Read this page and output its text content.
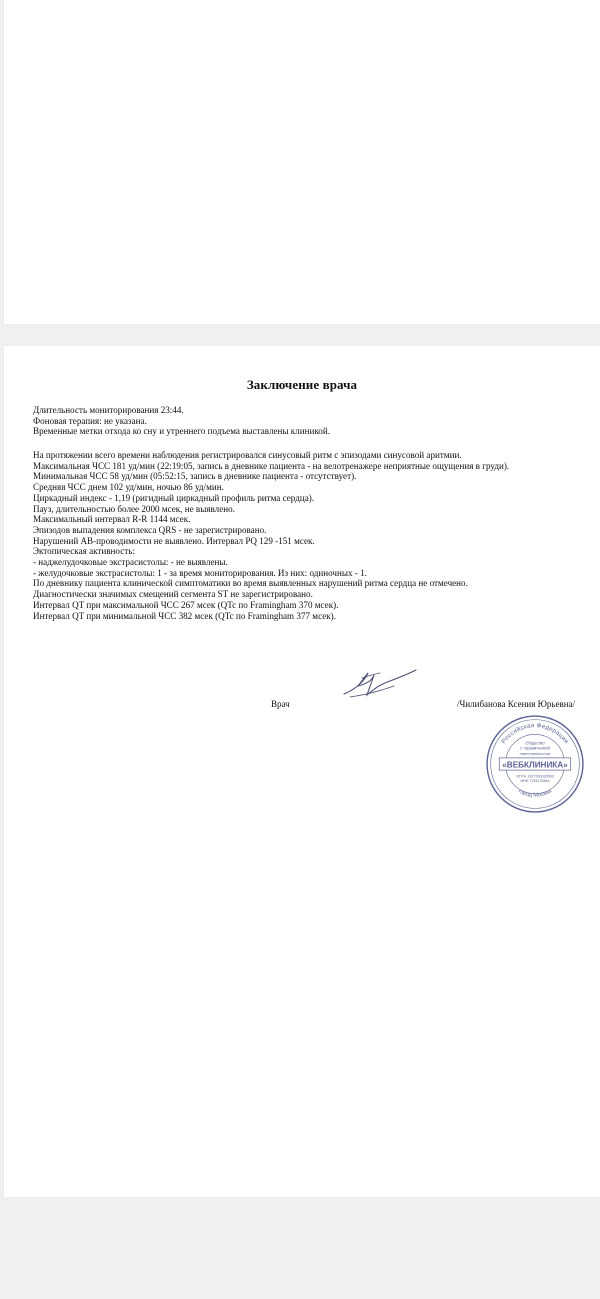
Заключение врача
Длительность мониторирования 23:44.
Фоновая терапия: не указана.
Временные метки отхода ко сну и утреннего подъема выставлены клиникой.
На протяжении всего времени наблюдения регистрировался синусовый ритм с эпизодами синусовой аритмии.
Максимальная ЧСС 181 уд/мин (22:19:05, запись в дневнике пациента - на велотренажере неприятные ощущения в груди).
Минимальная ЧСС 58 уд/мин (05:52:15, запись в дневнике пациента - отсутствует).
Средняя ЧСС днем 102 уд/мин, ночью 86 уд/мин.
Циркадный индекс - 1,19 (ригидный циркадный профиль ритма сердца).
Пауз, длительностью более 2000 мсек, не выявлено.
Максимальный интервал R-R 1144 мсек.
Эпизодов выпадения комплекса QRS - не зарегистрировано.
Нарушений АВ-проводимости не выявлено. Интервал PQ 129 -151 мсек.
Эктопическая активность:
- наджелудочковые экстрасистолы: - не выявлены.
- желудочковые экстрасистолы: 1 - за время мониторирования. Из них: одиночных - 1.
По дневнику пациента клинической симптоматики во время выявленных нарушений ритма сердца не отмечено.
Диагностически значимых смещений сегмента ST не зарегистрировано.
Интервал QT при максимальной ЧСС 267 мсек (QTc по Framingham 370 мсек).
Интервал QT при минимальной ЧСС 382 мсек (QTc по Framingham 377 мсек).
Врач	/Чилибанова Ксения Юрьевна/
Российская Федерация
город Москва
Общество
с ограниченной
ответственностью
«ВЕБКЛИНИКА»
ОГРН 1207700039593
ИНН 7751176364
